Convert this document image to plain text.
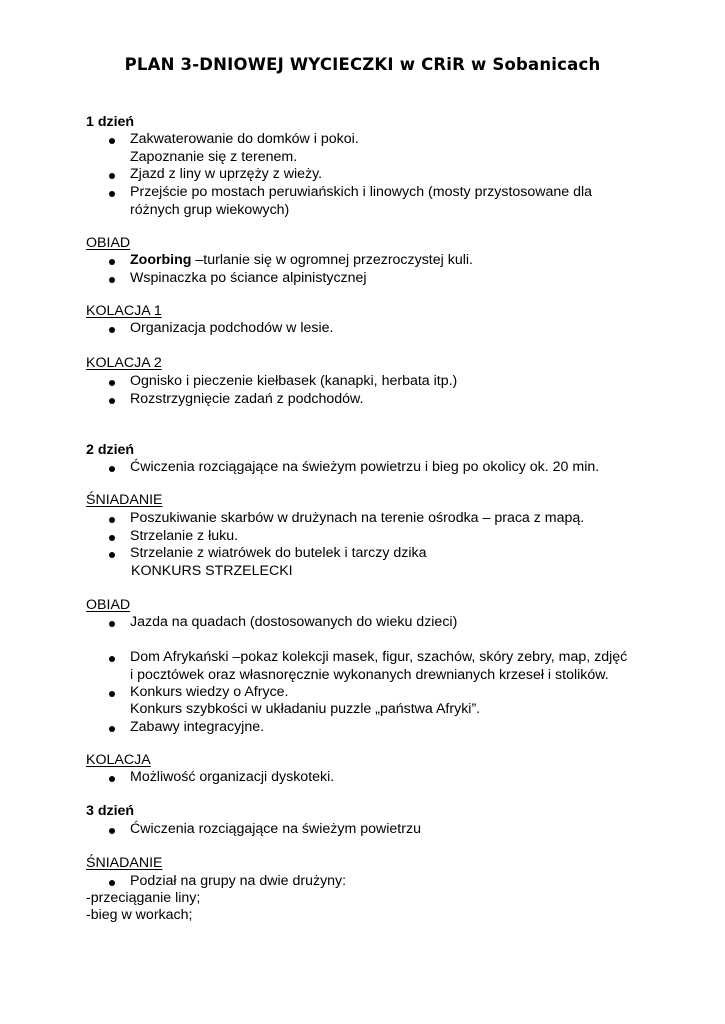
PLAN 3-DNIOWEJ WYCIECZKI w CRiR w Sobanicach
1 dzień
Zakwaterowanie do domków i pokoi.
Zapoznanie się z terenem.
Zjazd z liny w uprzęży z wieży.
Przejście po mostach peruwiańskich i linowych (mosty przystosowane dla
różnych grup wiekowych)
OBIAD
Zoorbing –turlanie się w ogromnej przezroczystej kuli.
Wspinaczka po ściance alpinistycznej
KOLACJA 1
Organizacja podchodów w lesie.
KOLACJA 2
Ognisko i pieczenie kiełbasek (kanapki, herbata itp.)
Rozstrzygnięcie zadań z podchodów.
2 dzień
Ćwiczenia rozciągające na świeżym powietrzu i bieg po okolicy ok. 20 min.
ŚNIADANIE
Poszukiwanie skarbów w drużynach na terenie ośrodka – praca z mapą.
Strzelanie z łuku.
Strzelanie z wiatrówek do butelek i tarczy dzika
KONKURS STRZELECKI
OBIAD
Jazda na quadach (dostosowanych do wieku dzieci)
Dom Afrykański –pokaz kolekcji masek, figur, szachów, skóry zebry, map, zdjęć
i pocztówek oraz własnoręcznie wykonanych drewnianych krzeseł i stolików.
Konkurs wiedzy o Afryce.
Konkurs szybkości w układaniu puzzle „państwa Afryki”.
Zabawy integracyjne.
KOLACJA
Możliwość organizacji dyskoteki.
3 dzień
Ćwiczenia rozciągające na świeżym powietrzu
ŚNIADANIE
Podział na grupy na dwie drużyny:
-przeciąganie liny;
-bieg w workach;
